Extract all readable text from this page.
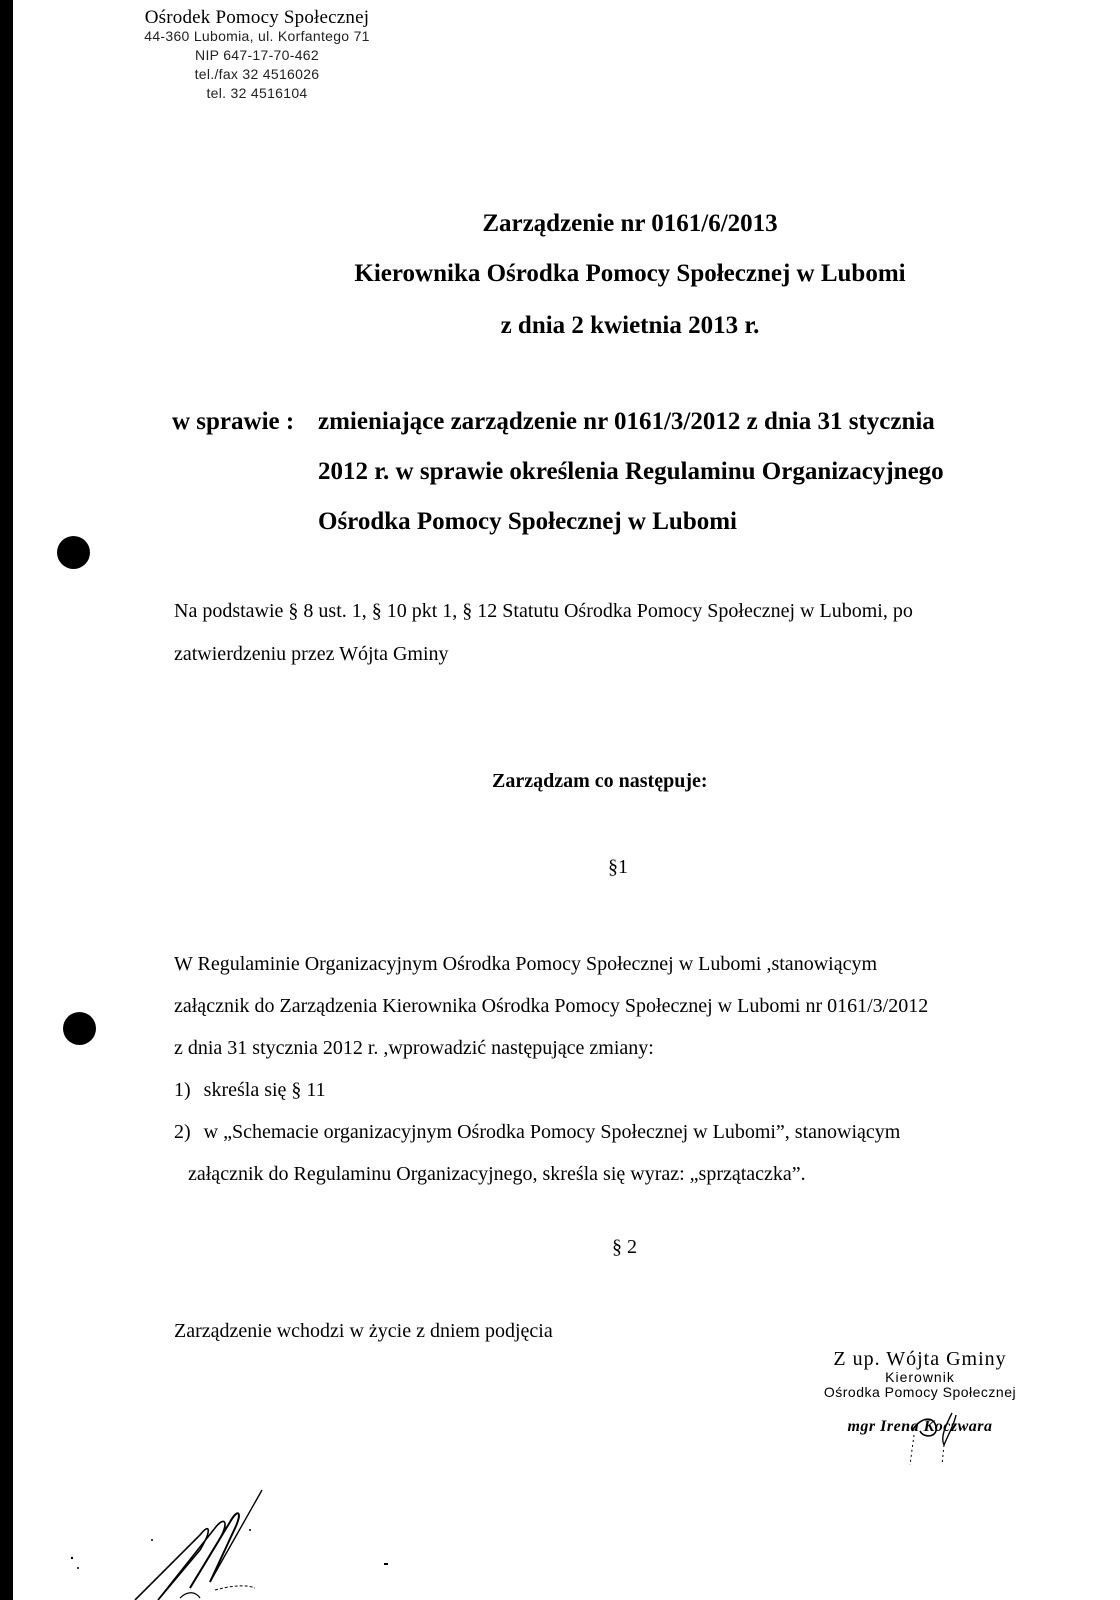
Ośrodek Pomocy Społecznej
44-360 Lubomia, ul. Korfantego 71
NIP 647-17-70-462
tel./fax 32 4516026
tel. 32 4516104
Zarządzenie nr 0161/6/2013
Kierownika Ośrodka Pomocy Społecznej w Lubomi
z dnia 2 kwietnia 2013 r.
w sprawie : zmieniające zarządzenie nr 0161/3/2012 z dnia 31 stycznia
2012 r. w sprawie określenia Regulaminu Organizacyjnego
Ośrodka Pomocy Społecznej w Lubomi
Na podstawie § 8 ust. 1, § 10 pkt 1, § 12 Statutu Ośrodka Pomocy Społecznej w Lubomi, po
zatwierdzeniu przez Wójta Gminy
Zarządzam co następuje:
§1
W Regulaminie Organizacyjnym Ośrodka Pomocy Społecznej w Lubomi ,stanowiącym
załącznik do Zarządzenia Kierownika Ośrodka Pomocy Społecznej w Lubomi nr 0161/3/2012
z dnia 31 stycznia 2012 r. ,wprowadzić następujące zmiany:
1) skreśla się § 11
2) w „Schemacie organizacyjnym Ośrodka Pomocy Społecznej w Lubomi”, stanowiącym
załącznik do Regulaminu Organizacyjnego, skreśla się wyraz: „sprzątaczka”.
§ 2
Zarządzenie wchodzi w życie z dniem podjęcia
Z up. Wójta Gminy
Kierownik
Ośrodka Pomocy Społecznej
mgr Irena Koczwara
